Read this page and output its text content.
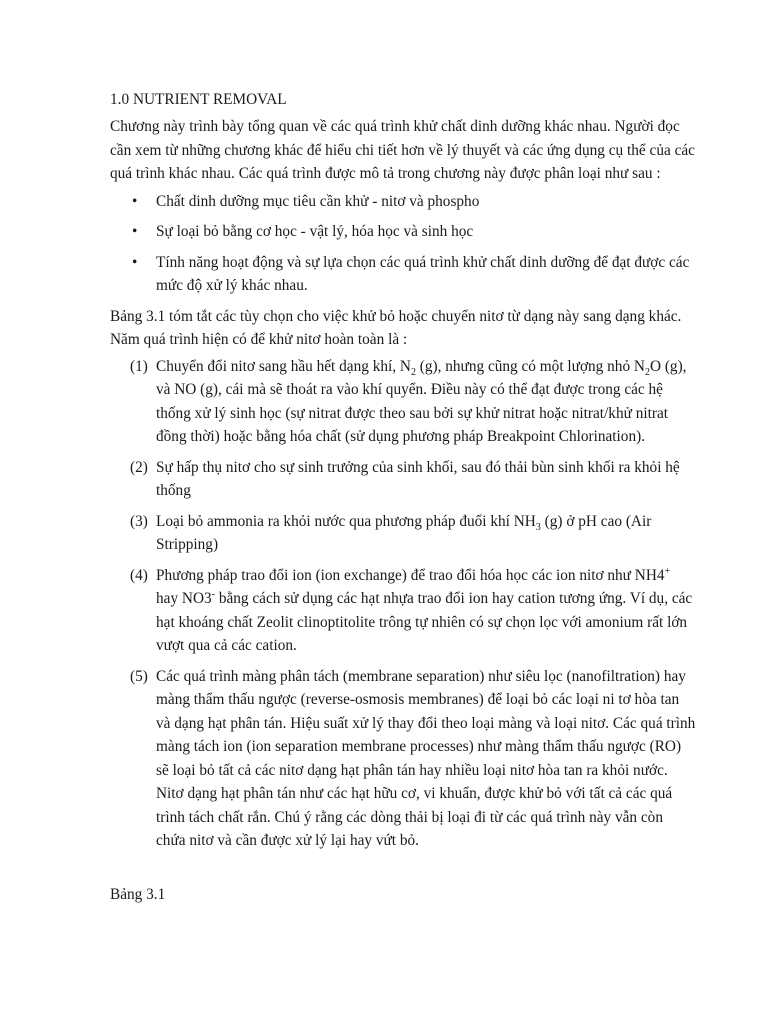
1.0 NUTRIENT REMOVAL

Chương này trình bày tổng quan về các quá trình khử chất dinh dưỡng khác nhau. Người đọc cần xem từ những chương khác để hiểu chi tiết hơn về lý thuyết và các ứng dụng cụ thể của các quá trình khác nhau. Các quá trình được mô tả trong chương này được phân loại như sau :

• Chất dinh dưỡng mục tiêu cần khử - nitơ và phospho
• Sự loại bỏ bằng cơ học - vật lý, hóa học và sinh học
• Tính năng hoạt động và sự lựa chọn các quá trình khử chất dinh dưỡng để đạt được các mức độ xử lý khác nhau.

Bảng 3.1 tóm tắt các tùy chọn cho việc khử bỏ hoặc chuyển nitơ từ dạng này sang dạng khác. Năm quá trình hiện có để khử nitơ hoàn toàn là :

(1) Chuyển đổi nitơ sang hầu hết dạng khí, $N_2$ (g), nhưng cũng có một lượng nhỏ $N_2O$ (g), và NO (g), cái mà sẽ thoát ra vào khí quyển. Điều này có thể đạt được trong các hệ thống xử lý sinh học (sự nitrat được theo sau bởi sự khử nitrat hoặc nitrat/khử nitrat đồng thời) hoặc bằng hóa chất (sử dụng phương pháp Breakpoint Chlorination).
(2) Sự hấp thụ nitơ cho sự sinh trưởng của sinh khối, sau đó thải bùn sinh khối ra khỏi hệ thống
(3) Loại bỏ ammonia ra khỏi nước qua phương pháp đuổi khí $NH_3$ (g) ở pH cao (Air Stripping)
(4) Phương pháp trao đổi ion (ion exchange) để trao đổi hóa học các ion nitơ như NH4+ hay NO3- bằng cách sử dụng các hạt nhựa trao đổi ion hay cation tương ứng. Ví dụ, các hạt khoáng chất Zeolit clinoptitolite trông tự nhiên có sự chọn lọc với amonium rất lớn vượt qua cả các cation.
(5) Các quá trình màng phân tách (membrane separation) như siêu lọc (nanofiltration) hay màng thẩm thấu ngược (reverse-osmosis membranes) để loại bỏ các loại ni tơ hòa tan và dạng hạt phân tán. Hiệu suất xử lý thay đổi theo loại màng và loại nitơ. Các quá trình màng tách ion (ion separation membrane processes) như màng thẩm thấu ngược (RO) sẽ loại bỏ tất cả các nitơ dạng hạt phân tán hay nhiều loại nitơ hòa tan ra khỏi nước. Nitơ dạng hạt phân tán như các hạt hữu cơ, vi khuẩn, được khử bỏ với tất cả các quá trình tách chất rắn. Chú ý rằng các dòng thải bị loại đi từ các quá trình này vẫn còn chứa nitơ và cần được xử lý lại hay vứt bỏ.
Bảng 3.1
